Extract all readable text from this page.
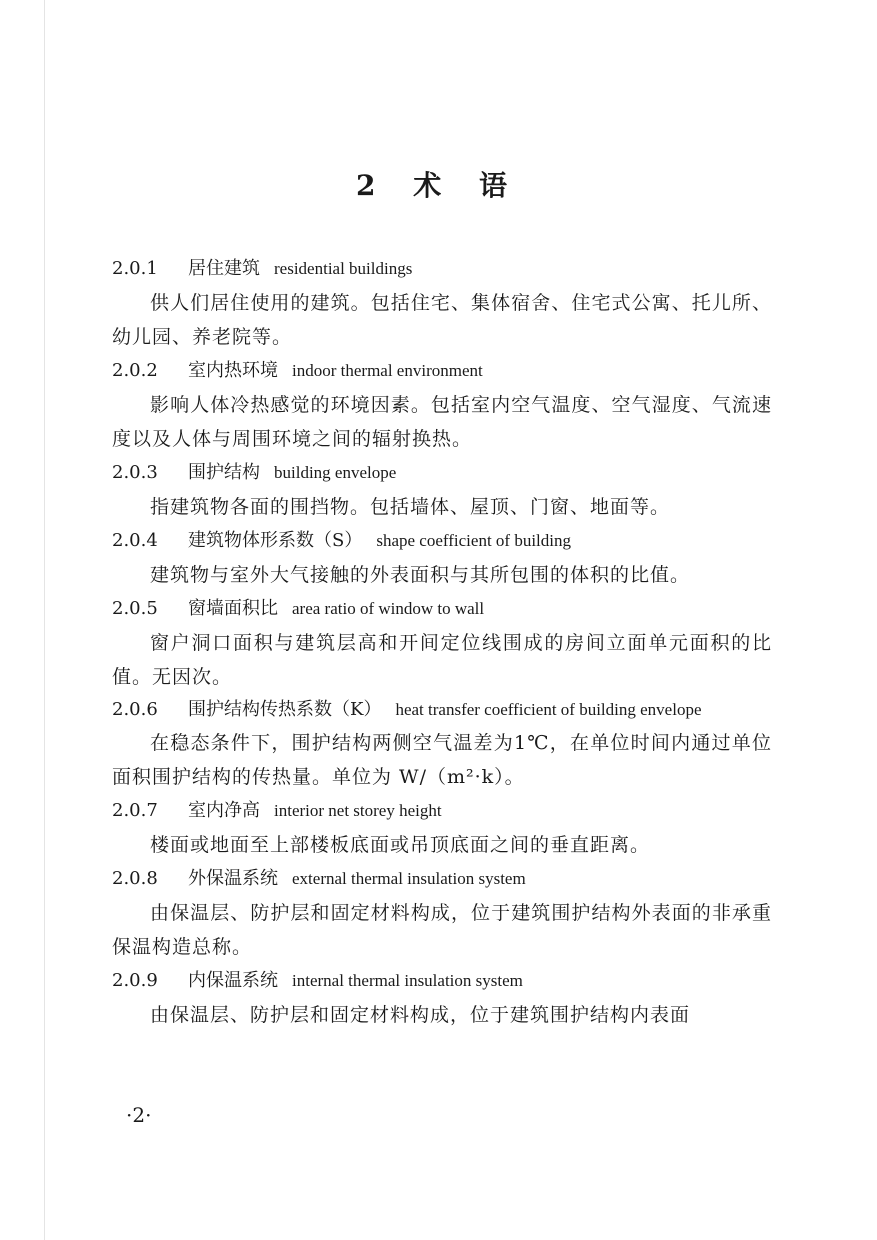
2 术 语
2.0.1 居住建筑 residential buildings

供人们居住使用的建筑。包括住宅、集体宿舍、住宅式公寓、托儿所、幼儿园、养老院等。

2.0.2 室内热环境 indoor thermal environment

影响人体冷热感觉的环境因素。包括室内空气温度、空气湿度、气流速度以及人体与周围环境之间的辐射换热。

2.0.3 围护结构 building envelope

指建筑物各面的围挡物。包括墙体、屋顶、门窗、地面等。

2.0.4 建筑物体形系数（S） shape coefficient of building

建筑物与室外大气接触的外表面积与其所包围的体积的比值。

2.0.5 窗墙面积比 area ratio of window to wall

窗户洞口面积与建筑层高和开间定位线围成的房间立面单元面积的比值。无因次。

2.0.6 围护结构传热系数（K） heat transfer coefficient of building envelope

在稳态条件下，围护结构两侧空气温差为1℃，在单位时间内通过单位面积围护结构的传热量。单位为 W/（m²·k）。

2.0.7 室内净高 interior net storey height

楼面或地面至上部楼板底面或吊顶底面之间的垂直距离。

2.0.8 外保温系统 external thermal insulation system

由保温层、防护层和固定材料构成，位于建筑围护结构外表面的非承重保温构造总称。

2.0.9 内保温系统 internal thermal insulation system

由保温层、防护层和固定材料构成，位于建筑围护结构内表面

·2·
